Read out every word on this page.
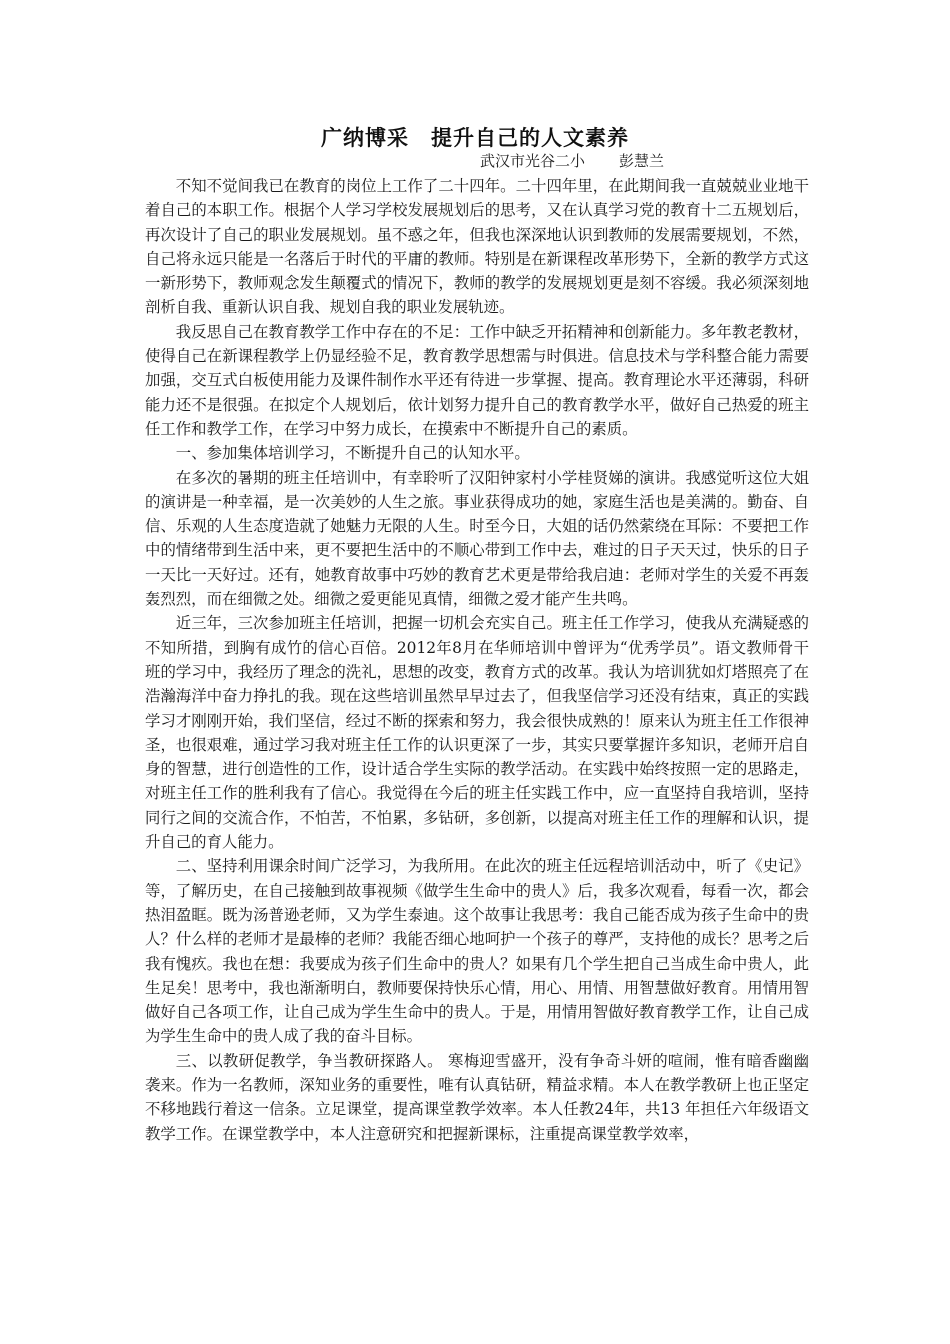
广纳博采　提升自己的人文素养
武汉市光谷二小 彭慧兰

不知不觉间我已在教育的岗位上工作了二十四年。二十四年里，在此期间我一直兢兢业业地干着自己的本职工作。根据个人学习学校发展规划后的思考，又在认真学习党的教育十二五规划后，再次设计了自己的职业发展规划。虽不惑之年，但我也深深地认识到教师的发展需要规划，不然，自己将永远只能是一名落后于时代的平庸的教师。特别是在新课程改革形势下，全新的教学方式这一新形势下，教师观念发生颠覆式的情况下，教师的教学的发展规划更是刻不容缓。我必须深刻地剖析自我、重新认识自我、规划自我的职业发展轨迹。

我反思自己在教育教学工作中存在的不足：工作中缺乏开拓精神和创新能力。多年教老教材，使得自己在新课程教学上仍显经验不足，教育教学思想需与时俱进。信息技术与学科整合能力需要加强，交互式白板使用能力及课件制作水平还有待进一步掌握、提高。教育理论水平还薄弱，科研能力还不是很强。在拟定个人规划后，依计划努力提升自己的教育教学水平，做好自己热爱的班主任工作和教学工作，在学习中努力成长，在摸索中不断提升自己的素质。

一、参加集体培训学习，不断提升自己的认知水平。

在多次的暑期的班主任培训中，有幸聆听了汉阳钟家村小学桂贤娣的演讲。我感觉听这位大姐的演讲是一种幸福，是一次美妙的人生之旅。事业获得成功的她，家庭生活也是美满的。勤奋、自信、乐观的人生态度造就了她魅力无限的人生。时至今日，大姐的话仍然萦绕在耳际：不要把工作中的情绪带到生活中来，更不要把生活中的不顺心带到工作中去，难过的日子天天过，快乐的日子一天比一天好过。还有，她教育故事中巧妙的教育艺术更是带给我启迪：老师对学生的关爱不再轰轰烈烈，而在细微之处。细微之爱更能见真情，细微之爱才能产生共鸣。

近三年，三次参加班主任培训，把握一切机会充实自己。班主任工作学习，使我从充满疑惑的不知所措，到胸有成竹的信心百倍。2012年8月在华师培训中曾评为“优秀学员”。语文教师骨干班的学习中，我经历了理念的洗礼，思想的改变，教育方式的改革。我认为培训犹如灯塔照亮了在浩瀚海洋中奋力挣扎的我。现在这些培训虽然早早过去了，但我坚信学习还没有结束，真正的实践学习才刚刚开始，我们坚信，经过不断的探索和努力，我会很快成熟的！原来认为班主任工作很神圣，也很艰难，通过学习我对班主任工作的认识更深了一步，其实只要掌握许多知识，老师开启自身的智慧，进行创造性的工作，设计适合学生实际的教学活动。在实践中始终按照一定的思路走，对班主任工作的胜利我有了信心。我觉得在今后的班主任实践工作中，应一直坚持自我培训，坚持同行之间的交流合作，不怕苦，不怕累，多钻研，多创新，以提高对班主任工作的理解和认识，提升自己的育人能力。

二、坚持利用课余时间广泛学习，为我所用。在此次的班主任远程培训活动中，听了《史记》等，了解历史，在自己接触到故事视频《做学生生命中的贵人》后，我多次观看，每看一次，都会热泪盈眶。既为汤普逊老师，又为学生泰迪。这个故事让我思考：我自己能否成为孩子生命中的贵人？什么样的老师才是最棒的老师？我能否细心地呵护一个孩子的尊严，支持他的成长？思考之后我有愧疚。我也在想：我要成为孩子们生命中的贵人？如果有几个学生把自己当成生命中贵人，此生足矣！思考中，我也渐渐明白，教师要保持快乐心情，用心、用情、用智慧做好教育。用情用智做好自己各项工作，让自己成为学生生命中的贵人。于是，用情用智做好教育教学工作，让自己成为学生生命中的贵人成了我的奋斗目标。

三、以教研促教学，争当教研探路人。 寒梅迎雪盛开，没有争奇斗妍的喧闹，惟有暗香幽幽袭来。作为一名教师，深知业务的重要性，唯有认真钻研，精益求精。本人在教学教研上也正坚定不移地践行着这一信条。立足课堂，提高课堂教学效率。本人任教24年，共13 年担任六年级语文教学工作。在课堂教学中，本人注意研究和把握新课标，注重提高课堂教学效率，
